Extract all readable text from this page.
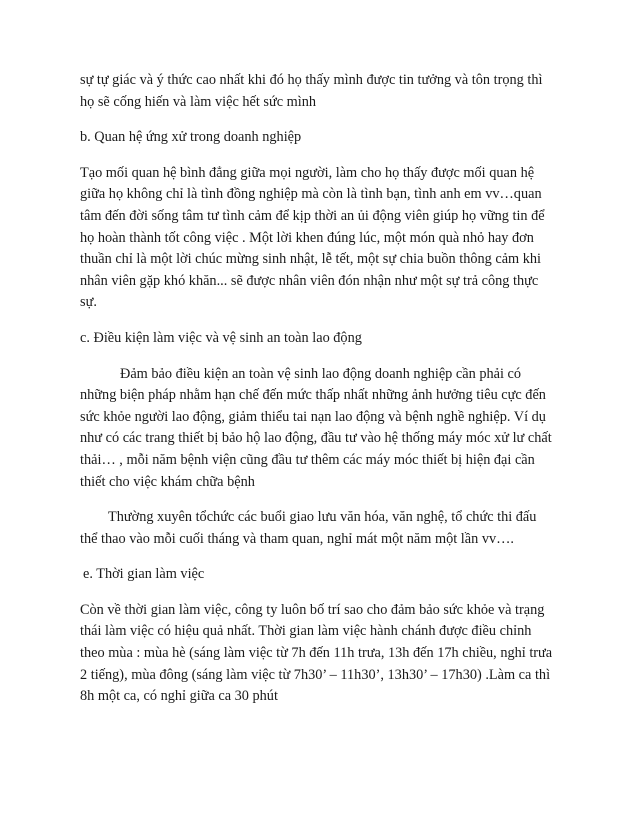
sự tự giác và ý thức cao nhất khi đó họ thấy mình được tin tưởng và tôn trọng thì
họ sẽ cống hiến và làm việc hết sức mình
b. Quan hệ ứng xử trong doanh nghiệp
Tạo mối quan hệ bình đẳng giữa mọi người, làm cho họ thấy được mối quan hệ
giữa họ không chỉ là tình đồng nghiệp mà còn là tình bạn, tình anh em vv…quan
tâm đến đời sống tâm tư tình cảm để kịp thời an ủi động viên giúp họ vững tin để
họ hoàn thành tốt công việc . Một lời khen đúng lúc, một món quà nhỏ hay đơn
thuần chỉ là một lời chúc mừng sinh nhật, lễ tết, một sự chia buồn thông cảm khi
nhân viên gặp khó khăn... sẽ được nhân viên đón nhận như một sự trả công thực
sự.
c. Điều kiện làm việc và vệ sinh an toàn lao động
Đảm bảo điều kiện an toàn vệ sinh lao động doanh nghiệp cần phải có
những biện pháp nhằm hạn chế đến mức thấp nhất những ảnh hưởng tiêu cực đến
sức khỏe người lao động, giảm thiểu tai nạn lao động và bệnh nghề nghiệp. Ví dụ
như có các trang thiết bị bảo hộ lao động, đầu tư vào hệ thống máy móc xử lư chất
thải… , mỗi năm bệnh viện cũng đầu tư thêm các máy móc thiết bị hiện đại cần
thiết cho việc khám chữa bệnh
Thường xuyên tổchức các buổi giao lưu văn hóa, văn nghệ, tổ chức thi đấu
thể thao vào mỗi cuối tháng và tham quan, nghỉ mát một năm một lần vv….
e. Thời gian làm việc
Còn về thời gian làm việc, công ty luôn bố trí sao cho đảm bảo sức khỏe và trạng
thái làm việc có hiệu quả nhất. Thời gian làm việc hành chánh được điều chỉnh
theo mùa : mùa hè (sáng làm việc từ 7h đến 11h trưa, 13h đến 17h chiều, nghỉ trưa
2 tiếng), mùa đông (sáng làm việc từ 7h30’ – 11h30’, 13h30’ – 17h30) .Làm ca thì
8h một ca, có nghỉ giữa ca 30 phút
